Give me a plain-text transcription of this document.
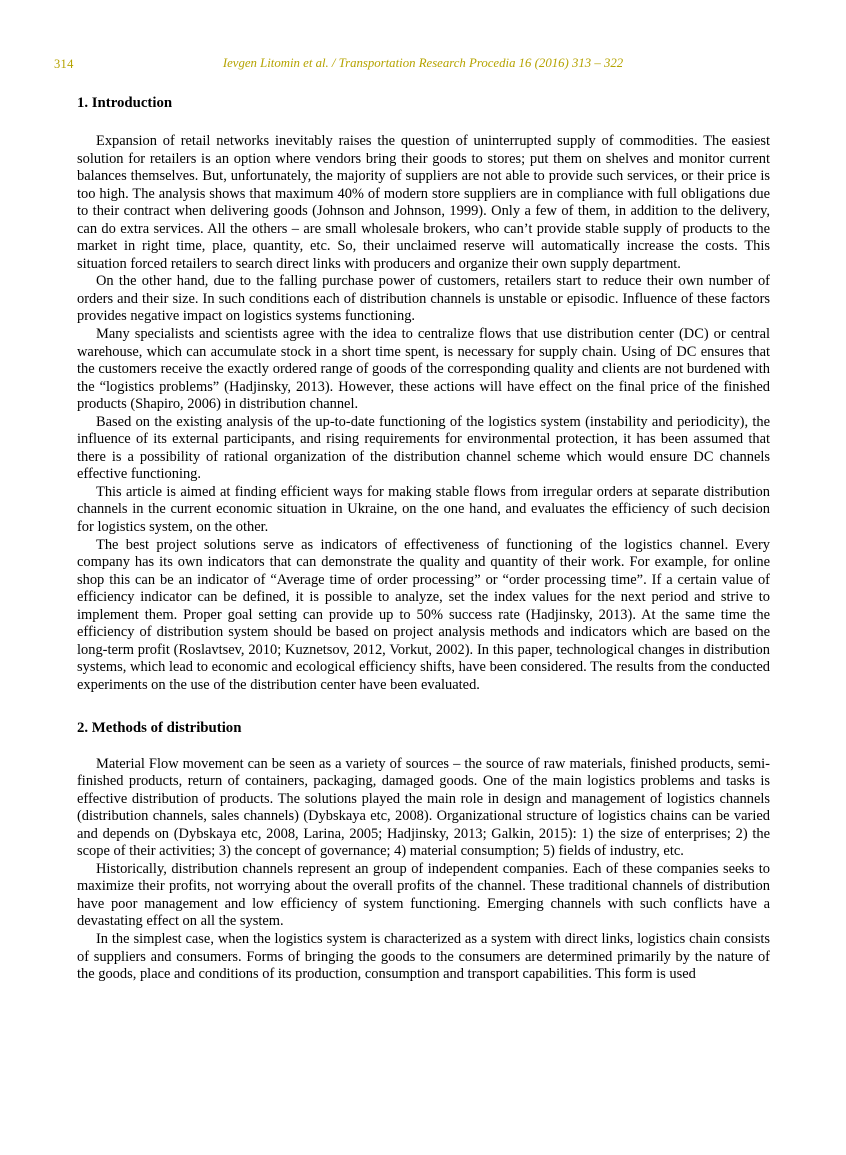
314	Ievgen Litomin et al. / Transportation Research Procedia 16 (2016) 313 – 322
1. Introduction

Expansion of retail networks inevitably raises the question of uninterrupted supply of commodities. The easiest solution for retailers is an option where vendors bring their goods to stores; put them on shelves and monitor current balances themselves. But, unfortunately, the majority of suppliers are not able to provide such services, or their price is too high. The analysis shows that maximum 40% of modern store suppliers are in compliance with full obligations due to their contract when delivering goods (Johnson and Johnson, 1999). Only a few of them, in addition to the delivery, can do extra services. All the others – are small wholesale brokers, who can’t provide stable supply of products to the market in right time, place, quantity, etc. So, their unclaimed reserve will automatically increase the costs. This situation forced retailers to search direct links with producers and organize their own supply department.

On the other hand, due to the falling purchase power of customers, retailers start to reduce their own number of orders and their size. In such conditions each of distribution channels is unstable or episodic. Influence of these factors provides negative impact on logistics systems functioning.

Many specialists and scientists agree with the idea to centralize flows that use distribution center (DC) or central warehouse, which can accumulate stock in a short time spent, is necessary for supply chain. Using of DC ensures that the customers receive the exactly ordered range of goods of the corresponding quality and clients are not burdened with the “logistics problems” (Hadjinsky, 2013). However, these actions will have effect on the final price of the finished products (Shapiro, 2006) in distribution channel.

Based on the existing analysis of the up-to-date functioning of the logistics system (instability and periodicity), the influence of its external participants, and rising requirements for environmental protection, it has been assumed that there is a possibility of rational organization of the distribution channel scheme which would ensure DC channels effective functioning.

This article is aimed at finding efficient ways for making stable flows from irregular orders at separate distribution channels in the current economic situation in Ukraine, on the one hand, and evaluates the efficiency of such decision for logistics system, on the other.

The best project solutions serve as indicators of effectiveness of functioning of the logistics channel. Every company has its own indicators that can demonstrate the quality and quantity of their work. For example, for online shop this can be an indicator of “Average time of order processing” or “order processing time”. If a certain value of efficiency indicator can be defined, it is possible to analyze, set the index values for the next period and strive to implement them. Proper goal setting can provide up to 50% success rate (Hadjinsky, 2013). At the same time the efficiency of distribution system should be based on project analysis methods and indicators which are based on the long-term profit (Roslavtsev, 2010; Kuznetsov, 2012, Vorkut, 2002). In this paper, technological changes in distribution systems, which lead to economic and ecological efficiency shifts, have been considered. The results from the conducted experiments on the use of the distribution center have been evaluated.

2. Methods of distribution

Material Flow movement can be seen as a variety of sources – the source of raw materials, finished products, semi-finished products, return of containers, packaging, damaged goods. One of the main logistics problems and tasks is effective distribution of products. The solutions played the main role in design and management of logistics channels (distribution channels, sales channels) (Dybskaya etc, 2008). Organizational structure of logistics chains can be varied and depends on (Dybskaya etc, 2008, Larina, 2005; Hadjinsky, 2013; Galkin, 2015): 1) the size of enterprises; 2) the scope of their activities; 3) the concept of governance; 4) material consumption; 5) fields of industry, etc.

Historically, distribution channels represent an group of independent companies. Each of these companies seeks to maximize their profits, not worrying about the overall profits of the channel. These traditional channels of distribution have poor management and low efficiency of system functioning. Emerging channels with such conflicts have a devastating effect on all the system.

In the simplest case, when the logistics system is characterized as a system with direct links, logistics chain consists of suppliers and consumers. Forms of bringing the goods to the consumers are determined primarily by the nature of the goods, place and conditions of its production, consumption and transport capabilities. This form is used
